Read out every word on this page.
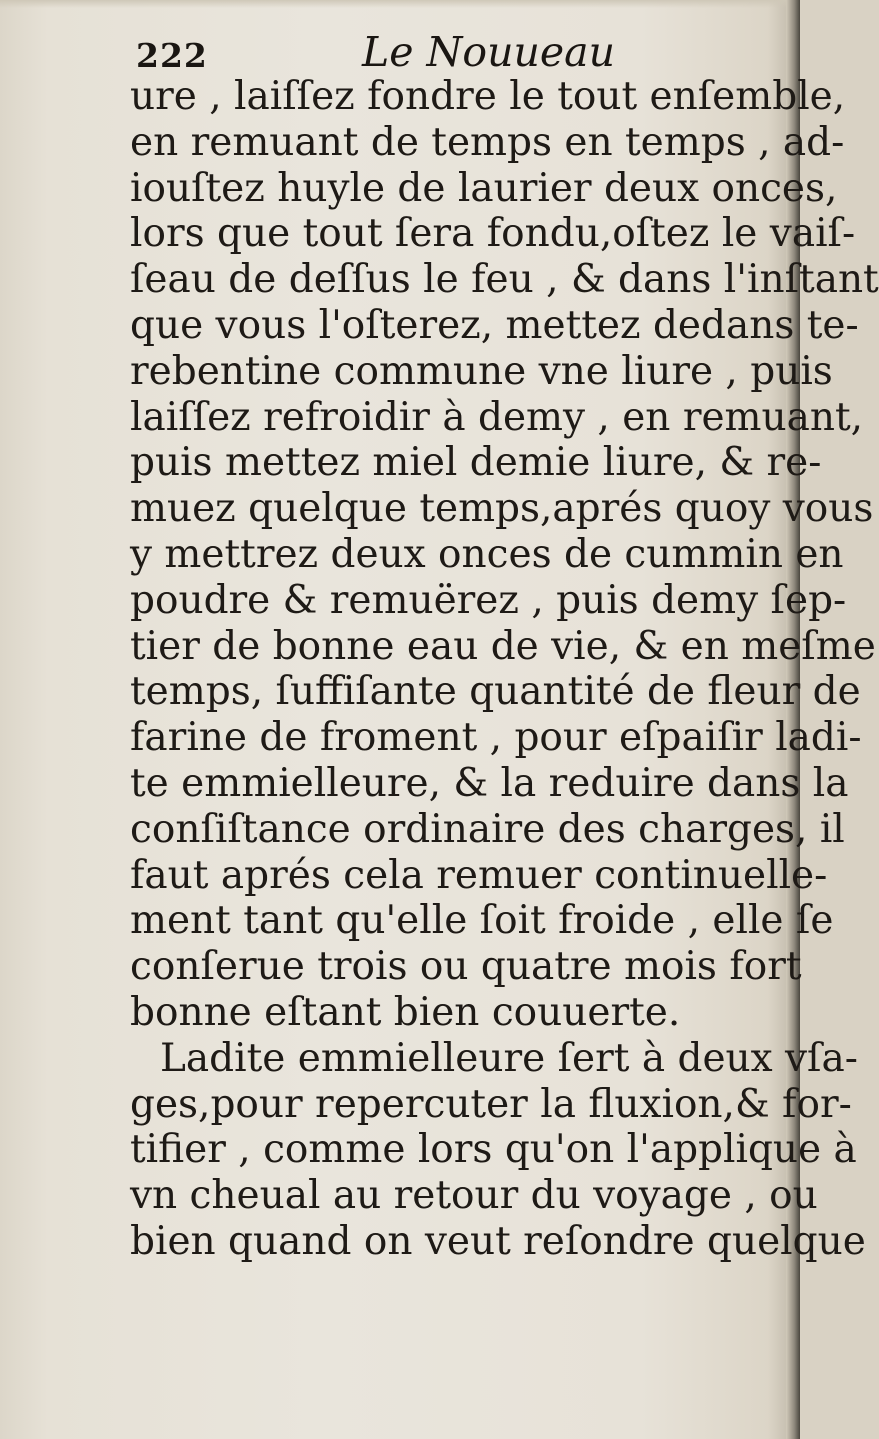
222	Le Nouueau
ure , laiſſez fondre le tout enſemble,
en remuant de temps en temps , ad-
iouſtez huyle de laurier deux onces,
lors que tout ſera fondu,oſtez le vaiſ-
ſeau de deſſus le feu , & dans l'inſtant
que vous l'oſterez, mettez dedans te-
rebentine commune vne liure , puis
laiſſez refroidir à demy , en remuant,
puis mettez miel demie liure, & re-
muez quelque temps,aprés quoy vous
y mettrez deux onces de cummin en
poudre & remuërez , puis demy ſep-
tier de bonne eau de vie, & en meſme
temps, ſuffiſante quantité de fleur de
farine de froment , pour eſpaiſir ladi-
te emmielleure, & la reduire dans la
conſiſtance ordinaire des charges, il
faut aprés cela remuer continuelle-
ment tant qu'elle ſoit froide , elle ſe
conſerue trois ou quatre mois fort
bonne eſtant bien couuerte.
Ladite emmielleure ſert à deux vſa-
ges,pour repercuter la fluxion,& for-
tifier , comme lors qu'on l'applique à
vn cheual au retour du voyage , ou
bien quand on veut reſondre quelque
